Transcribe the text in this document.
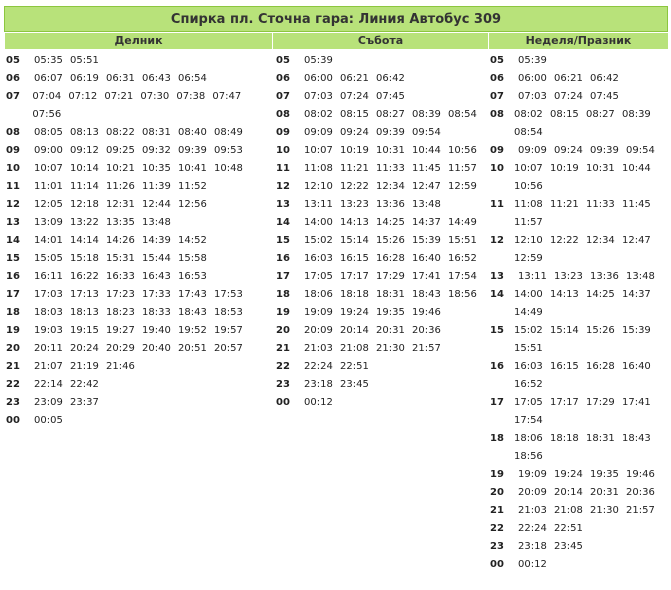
Спирка пл. Сточна гара: Линия Автобус 309
Делник	Събота	Неделя/Празник
05	05:35 05:51
06	06:07 06:19 06:31 06:43 06:54
07	07:04 07:12 07:21 07:30 07:38 07:47
07:56
08	08:05 08:13 08:22 08:31 08:40 08:49
09	09:00 09:12 09:25 09:32 09:39 09:53
10	10:07 10:14 10:21 10:35 10:41 10:48
11	11:01 11:14 11:26 11:39 11:52
12	12:05 12:18 12:31 12:44 12:56
13	13:09 13:22 13:35 13:48
14	14:01 14:14 14:26 14:39 14:52
15	15:05 15:18 15:31 15:44 15:58
16	16:11 16:22 16:33 16:43 16:53
17	17:03 17:13 17:23 17:33 17:43 17:53
18	18:03 18:13 18:23 18:33 18:43 18:53
19	19:03 19:15 19:27 19:40 19:52 19:57
20	20:11 20:24 20:29 20:40 20:51 20:57
21	21:07 21:19 21:46
22	22:14 22:42
23	23:09 23:37
00	00:05
05	05:39
06	06:00 06:21 06:42
07	07:03 07:24 07:45
08	08:02 08:15 08:27 08:39 08:54
09	09:09 09:24 09:39 09:54
10	10:07 10:19 10:31 10:44 10:56
11	11:08 11:21 11:33 11:45 11:57
12	12:10 12:22 12:34 12:47 12:59
13	13:11 13:23 13:36 13:48
14	14:00 14:13 14:25 14:37 14:49
15	15:02 15:14 15:26 15:39 15:51
16	16:03 16:15 16:28 16:40 16:52
17	17:05 17:17 17:29 17:41 17:54
18	18:06 18:18 18:31 18:43 18:56
19	19:09 19:24 19:35 19:46
20	20:09 20:14 20:31 20:36
21	21:03 21:08 21:30 21:57
22	22:24 22:51
23	23:18 23:45
00	00:12
05	05:39
06	06:00 06:21 06:42
07	07:03 07:24 07:45
08	08:02 08:15 08:27 08:39
08:54
09	09:09 09:24 09:39 09:54
10	10:07 10:19 10:31 10:44
10:56
11	11:08 11:21 11:33 11:45
11:57
12	12:10 12:22 12:34 12:47
12:59
13	13:11 13:23 13:36 13:48
14	14:00 14:13 14:25 14:37
14:49
15	15:02 15:14 15:26 15:39
15:51
16	16:03 16:15 16:28 16:40
16:52
17	17:05 17:17 17:29 17:41
17:54
18	18:06 18:18 18:31 18:43
18:56
19	19:09 19:24 19:35 19:46
20	20:09 20:14 20:31 20:36
21	21:03 21:08 21:30 21:57
22	22:24 22:51
23	23:18 23:45
00	00:12
